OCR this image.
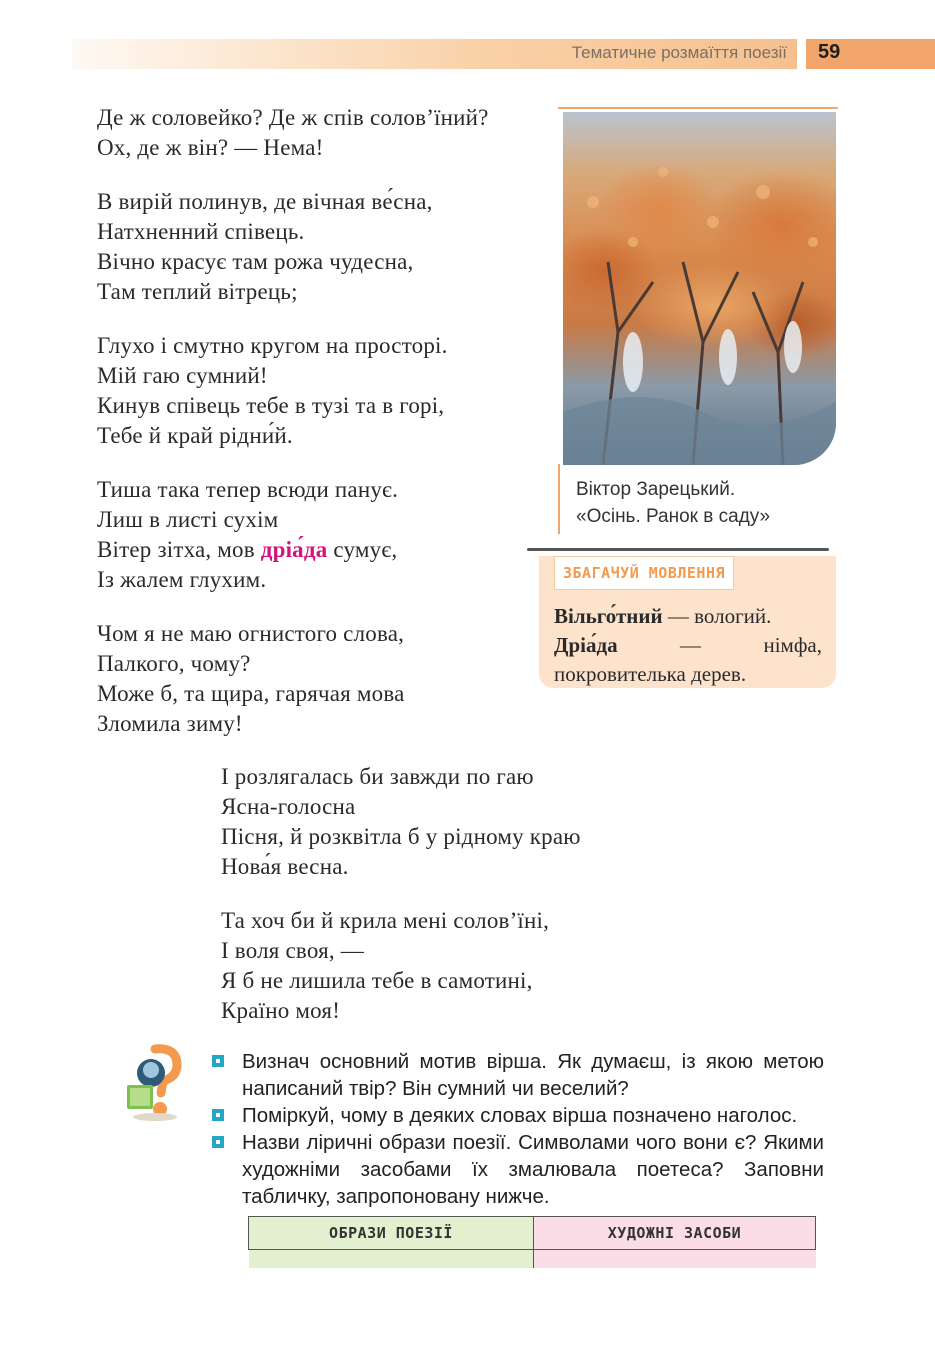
Тематичне розмаїття поезії 59
Де ж соловейко? Де ж спів солов’їний?
Ох, де ж він? — Нема!
В вирій полинув, де вічная ве́сна,
Натхненний співець.
Вічно красує там рожа чудесна,
Там теплий вітрець;
Глухо і смутно кругом на просторі.
Мій гаю сумний!
Кинув співець тебе в тузі та в горі,
Тебе й край рідни́й.
Тиша така тепер всюди панує.
Лиш в листі сухім
Вітер зітха, мов дріа́да сумує,
Із жалем глухим.
Чом я не маю огнистого слова,
Палкого, чому?
Може б, та щира, гарячая мова
Зломила зиму!
І розлягалась би завжди по гаю
Ясна-голосна
Пісня, й розквітла б у рідному краю
Нова́я весна.
Та хоч би й крила мені солов’їні,
І воля своя, —
Я б не лишила тебе в самотині,
Країно моя!
Віктор Зарецький.
«Осінь. Ранок в саду»
ЗБАГАЧУЙ МОВЛЕННЯ
Вільго́тний — вологий.
Дріа́да — німфа, покровителька дерев.
Визнач основний мотив вірша. Як думаєш, із якою метою написаний твір? Він сумний чи веселий?
Поміркуй, чому в деяких словах вірша позначено наголос.
Назви ліричні образи поезії. Символами чого вони є? Якими художніми засобами їх змалювала поетеса? Заповни табличку, запропоновану нижче.
ОБРАЗИ ПОЕЗІЇ	ХУДОЖНІ ЗАСОБИ
